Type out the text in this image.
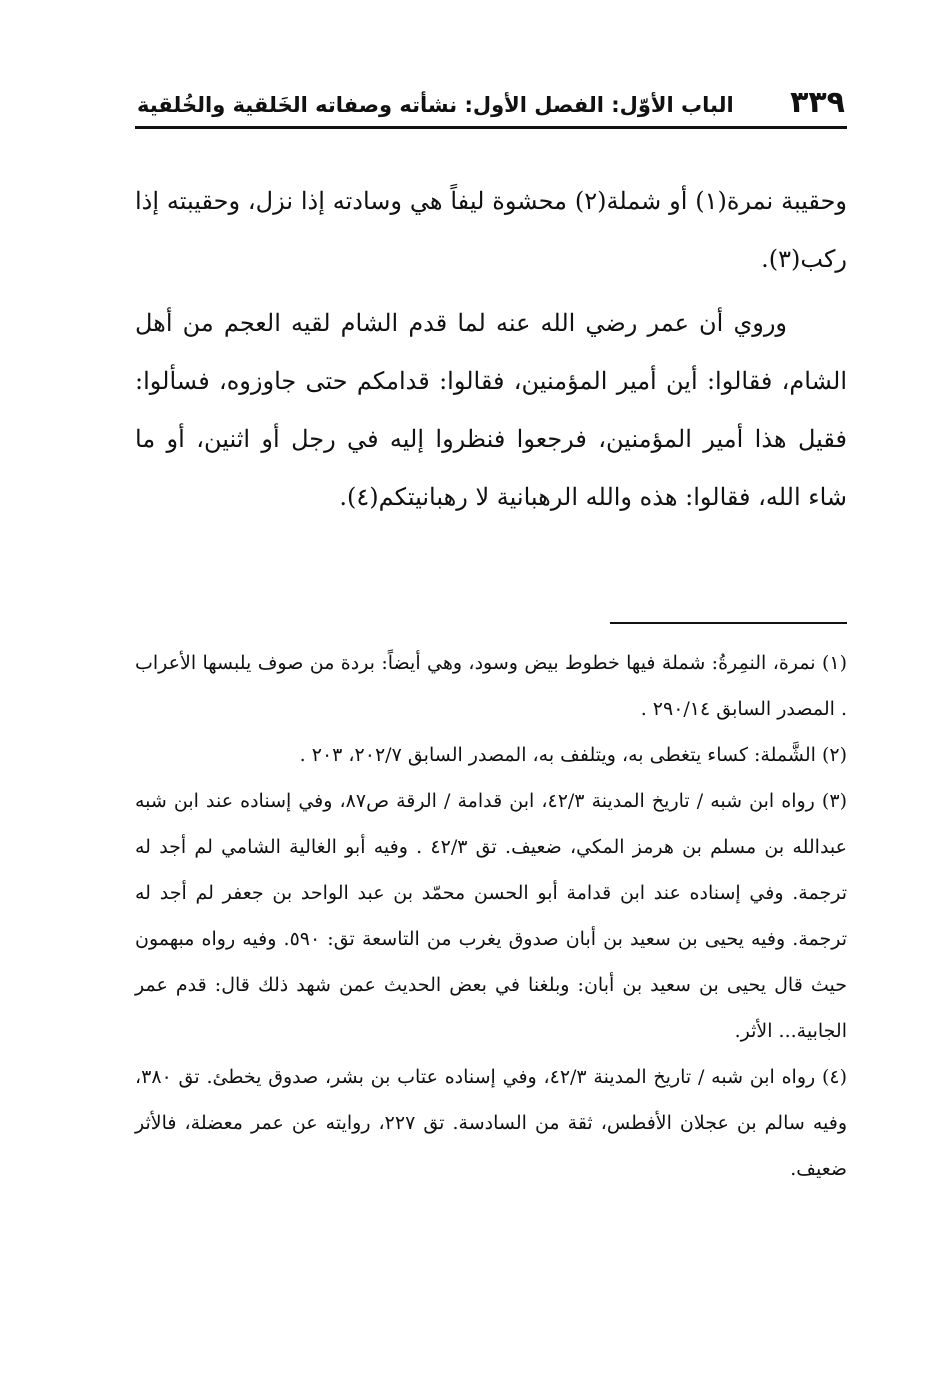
٣٣٩
الباب الأوّل: الفصل الأول: نشأته وصفاته الخَلقية والخُلقية

وحقيبة نمرة(١) أو شملة(٢) محشوة ليفاً هي وسادته إذا نزل، وحقيبته إذا ركب(٣).

وروي أن عمر رضي الله عنه لما قدم الشام لقيه العجم من أهل الشام، فقالوا: أين أمير المؤمنين، فقالوا: قدامكم حتى جاوزوه، فسألوا: فقيل هذا أمير المؤمنين، فرجعوا فنظروا إليه في رجل أو اثنين، أو ما شاء الله، فقالوا: هذه والله الرهبانية لا رهبانيتكم(٤).

(١) نمرة، النمِرةُ: شملة فيها خطوط بيض وسود، وهي أيضاً: بردة من صوف يلبسها الأعراب . المصدر السابق ٢٩٠/١٤ .

(٢) الشَّملة: كساء يتغطى به، ويتلفف به، المصدر السابق ٢٠٢/٧، ٢٠٣ .

(٣) رواه ابن شبه / تاريخ المدينة ٤٢/٣، ابن قدامة / الرقة ص٨٧، وفي إسناده عند ابن شبه عبدالله بن مسلم بن هرمز المكي، ضعيف. تق ٤٢/٣ . وفيه أبو الغالية الشامي لم أجد له ترجمة. وفي إسناده عند ابن قدامة أبو الحسن محمّد بن عبد الواحد بن جعفر لم أجد له ترجمة. وفيه يحيى بن سعيد بن أبان صدوق يغرب من التاسعة تق: ٥٩٠. وفيه رواه مبهمون حيث قال يحيى بن سعيد بن أبان: وبلغنا في بعض الحديث عمن شهد ذلك قال: قدم عمر الجابية... الأثر.

(٤) رواه ابن شبه / تاريخ المدينة ٤٢/٣، وفي إسناده عتاب بن بشر، صدوق يخطئ. تق ٣٨٠، وفيه سالم بن عجلان الأفطس، ثقة من السادسة. تق ٢٢٧، روايته عن عمر معضلة، فالأثر ضعيف.
